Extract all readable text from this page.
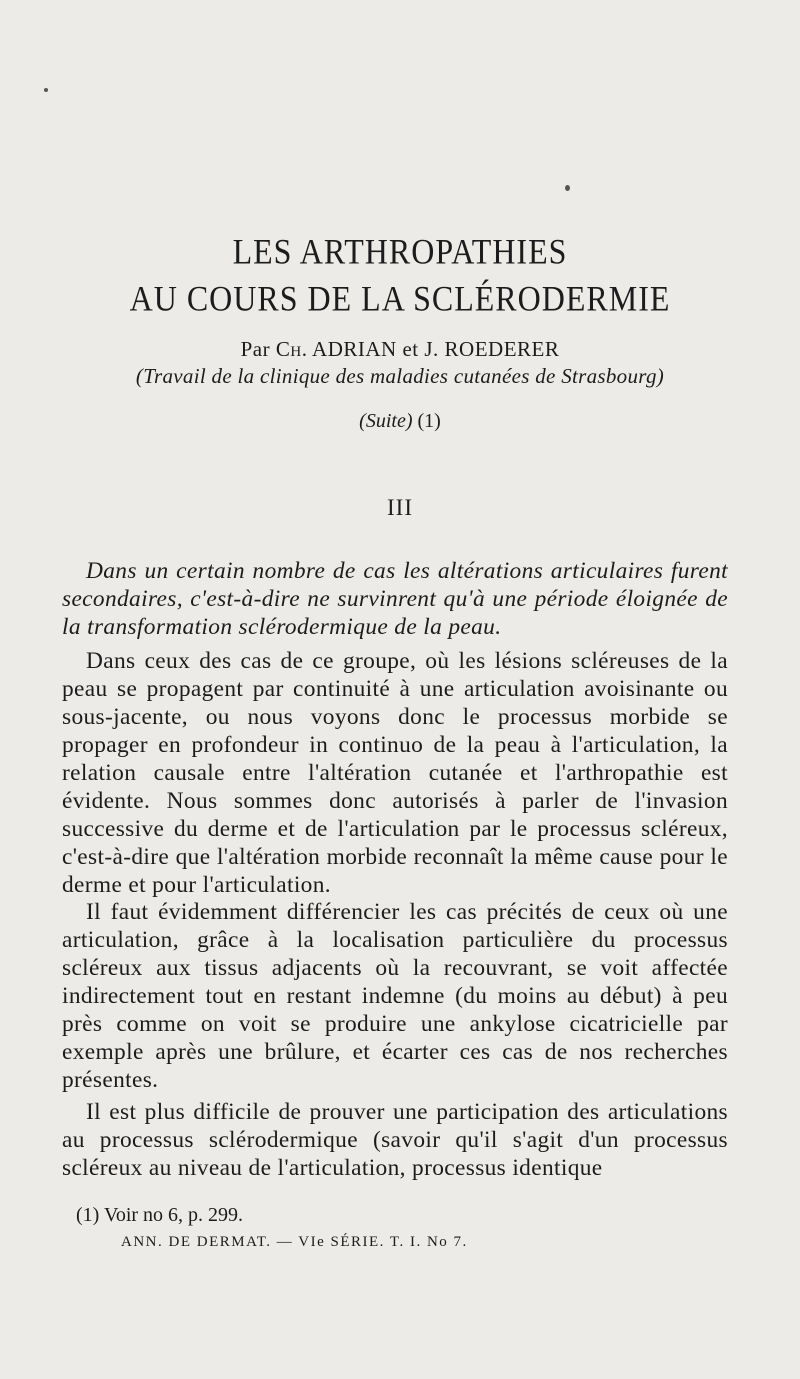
LES ARTHROPATHIES
AU COURS DE LA SCLÉRODERMIE
Par Ch. ADRIAN et J. ROEDERER
(Travail de la clinique des maladies cutanées de Strasbourg)
(Suite) (1)
III

Dans un certain nombre de cas les altérations articulaires furent secondaires, c'est-à-dire ne survinrent qu'à une période éloignée de la transformation sclérodermique de la peau.

Dans ceux des cas de ce groupe, où les lésions scléreuses de la peau se propagent par continuité à une articulation avoisinante ou sous-jacente, ou nous voyons donc le processus morbide se propager en profondeur in continuo de la peau à l'articulation, la relation causale entre l'altération cutanée et l'arthropathie est évidente. Nous sommes donc autorisés à parler de l'invasion successive du derme et de l'articulation par le processus scléreux, c'est-à-dire que l'altération morbide reconnaît la même cause pour le derme et pour l'articulation.

Il faut évidemment différencier les cas précités de ceux où une articulation, grâce à la localisation particulière du processus scléreux aux tissus adjacents où la recouvrant, se voit affectée indirectement tout en restant indemne (du moins au début) à peu près comme on voit se produire une ankylose cicatricielle par exemple après une brûlure, et écarter ces cas de nos recherches présentes.

Il est plus difficile de prouver une participation des articulations au processus sclérodermique (savoir qu'il s'agit d'un processus scléreux au niveau de l'articulation, processus identique

(1) Voir no 6, p. 299.
ANN. DE DERMAT. — VIe SÉRIE. T. I. No 7.
